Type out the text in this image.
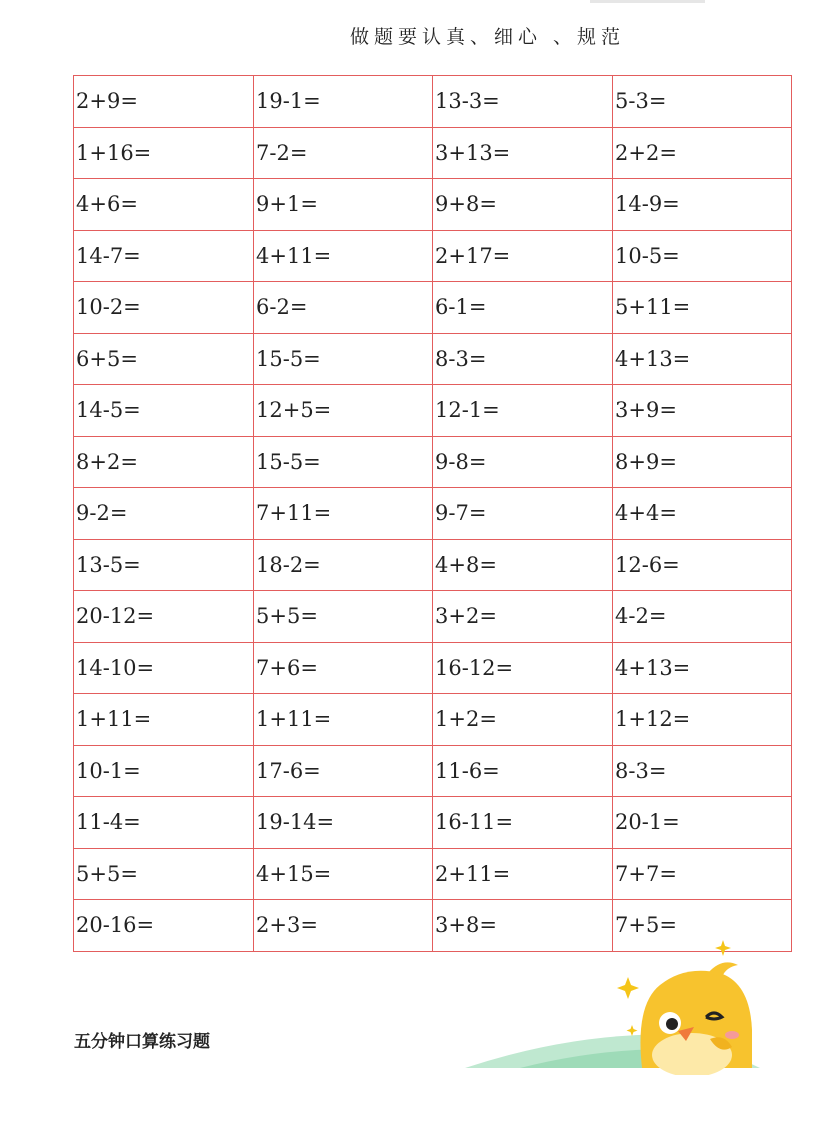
做题要认真、细心 、规范
2+9=	19-1=	13-3=	5-3=
1+16=	7-2=	3+13=	2+2=
4+6=	9+1=	9+8=	14-9=
14-7=	4+11=	2+17=	10-5=
10-2=	6-2=	6-1=	5+11=
6+5=	15-5=	8-3=	4+13=
14-5=	12+5=	12-1=	3+9=
8+2=	15-5=	9-8=	8+9=
9-2=	7+11=	9-7=	4+4=
13-5=	18-2=	4+8=	12-6=
20-12=	5+5=	3+2=	4-2=
14-10=	7+6=	16-12=	4+13=
1+11=	1+11=	1+2=	1+12=
10-1=	17-6=	11-6=	8-3=
11-4=	19-14=	16-11=	20-1=
5+5=	4+15=	2+11=	7+7=
20-16=	2+3=	3+8=	7+5=
五分钟口算练习题
